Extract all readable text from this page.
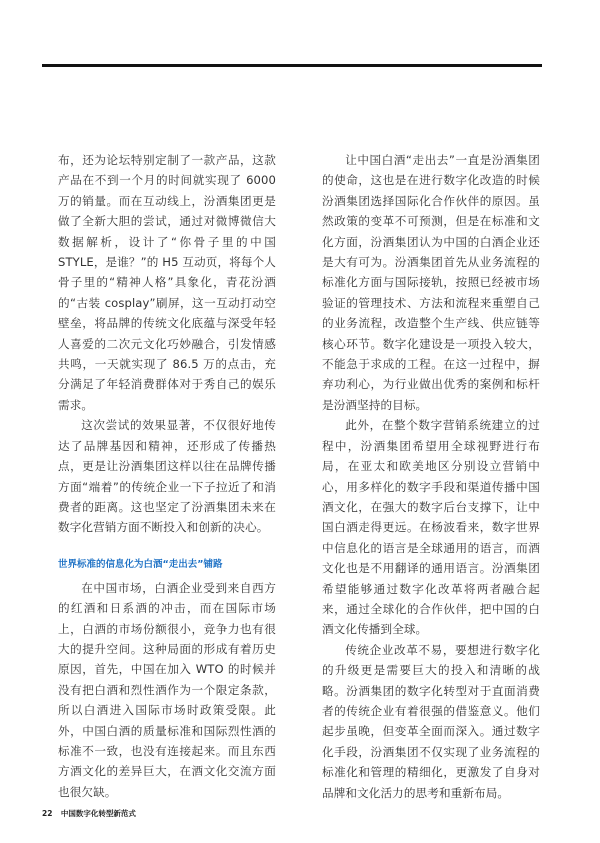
布，还为论坛特别定制了一款产品，这款产品在不到一个月的时间就实现了 6000 万的销量。而在互动线上，汾酒集团更是做了全新大胆的尝试，通过对微博微信大数据解析，设计了“你骨子里的中国 STYLE，是谁？”的 H5 互动页，将每个人骨子里的“精神人格”具象化，青花汾酒的“古装 cosplay”刷屏，这一互动打动空壁垒，将品牌的传统文化底蕴与深受年轻人喜爱的二次元文化巧妙融合，引发情感共鸣，一天就实现了 86.5 万的点击，充分满足了年轻消费群体对于秀自己的娱乐需求。

这次尝试的效果显著，不仅很好地传达了品牌基因和精神，还形成了传播热点，更是让汾酒集团这样以往在品牌传播方面“端着”的传统企业一下子拉近了和消费者的距离。这也坚定了汾酒集团未来在数字化营销方面不断投入和创新的决心。

世界标准的信息化为白酒“走出去”铺路

在中国市场，白酒企业受到来自西方的红酒和日系酒的冲击，而在国际市场上，白酒的市场份额很小，竞争力也有很大的提升空间。这种局面的形成有着历史原因，首先，中国在加入 WTO 的时候并没有把白酒和烈性酒作为一个限定条款，所以白酒进入国际市场时政策受限。此外，中国白酒的质量标准和国际烈性酒的标准不一致，也没有连接起来。而且东西方酒文化的差异巨大，在酒文化交流方面也很欠缺。

让中国白酒“走出去”一直是汾酒集团的使命，这也是在进行数字化改造的时候汾酒集团选择国际化合作伙伴的原因。虽然政策的变革不可预测，但是在标准和文化方面，汾酒集团认为中国的白酒企业还是大有可为。汾酒集团首先从业务流程的标准化方面与国际接轨，按照已经被市场验证的管理技术、方法和流程来重塑自己的业务流程，改造整个生产线、供应链等核心环节。数字化建设是一项投入较大，不能急于求成的工程。在这一过程中，摒弃功利心，为行业做出优秀的案例和标杆是汾酒坚持的目标。

此外，在整个数字营销系统建立的过程中，汾酒集团希望用全球视野进行布局，在亚太和欧美地区分别设立营销中心，用多样化的数字手段和渠道传播中国酒文化，在强大的数字后台支撑下，让中国白酒走得更远。在杨波看来，数字世界中信息化的语言是全球通用的语言，而酒文化也是不用翻译的通用语言。汾酒集团希望能够通过数字化改革将两者融合起来，通过全球化的合作伙伴，把中国的白酒文化传播到全球。

传统企业改革不易，要想进行数字化的升级更是需要巨大的投入和清晰的战略。汾酒集团的数字化转型对于直面消费者的传统企业有着很强的借鉴意义。他们起步虽晚，但变革全面而深入。通过数字化手段，汾酒集团不仅实现了业务流程的标准化和管理的精细化，更激发了自身对品牌和文化活力的思考和重新布局。

22 中国数字化转型新范式
